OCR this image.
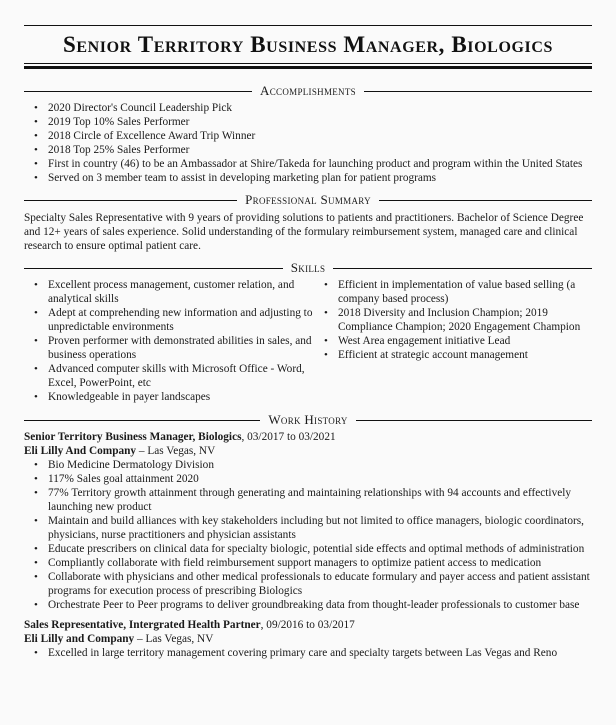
Senior Territory Business Manager, Biologics
Accomplishments
• 2020 Director's Council Leadership Pick
• 2019 Top 10% Sales Performer
• 2018 Circle of Excellence Award Trip Winner
• 2018 Top 25% Sales Performer
• First in country (46) to be an Ambassador at Shire/Takeda for launching product and program within the United States
• Served on 3 member team to assist in developing marketing plan for patient programs
Professional Summary
Specialty Sales Representative with 9 years of providing solutions to patients and practitioners. Bachelor of Science Degree and 12+ years of sales experience. Solid understanding of the formulary reimbursement system, managed care and clinical research to ensure optimal patient care.
Skills
• Excellent process management, customer relation, and analytical skills
• Adept at comprehending new information and adjusting to unpredictable environments
• Proven performer with demonstrated abilities in sales, and business operations
• Advanced computer skills with Microsoft Office - Word, Excel, PowerPoint, etc
• Knowledgeable in payer landscapes
• Efficient in implementation of value based selling (a company based process)
• 2018 Diversity and Inclusion Champion; 2019 Compliance Champion; 2020 Engagement Champion
• West Area engagement initiative Lead
• Efficient at strategic account management
Work History
Senior Territory Business Manager, Biologics, 03/2017 to 03/2021
Eli Lilly And Company – Las Vegas, NV
• Bio Medicine Dermatology Division
• 117% Sales goal attainment 2020
• 77% Territory growth attainment through generating and maintaining relationships with 94 accounts and effectively launching new product
• Maintain and build alliances with key stakeholders including but not limited to office managers, biologic coordinators, physicians, nurse practitioners and physician assistants
• Educate prescribers on clinical data for specialty biologic, potential side effects and optimal methods of administration
• Compliantly collaborate with field reimbursement support managers to optimize patient access to medication
• Collaborate with physicians and other medical professionals to educate formulary and payer access and patient assistant programs for execution process of prescribing Biologics
• Orchestrate Peer to Peer programs to deliver groundbreaking data from thought-leader professionals to customer base
Sales Representative, Intergrated Health Partner, 09/2016 to 03/2017
Eli Lilly and Company – Las Vegas, NV
• Excelled in large territory management covering primary care and specialty targets between Las Vegas and Reno
